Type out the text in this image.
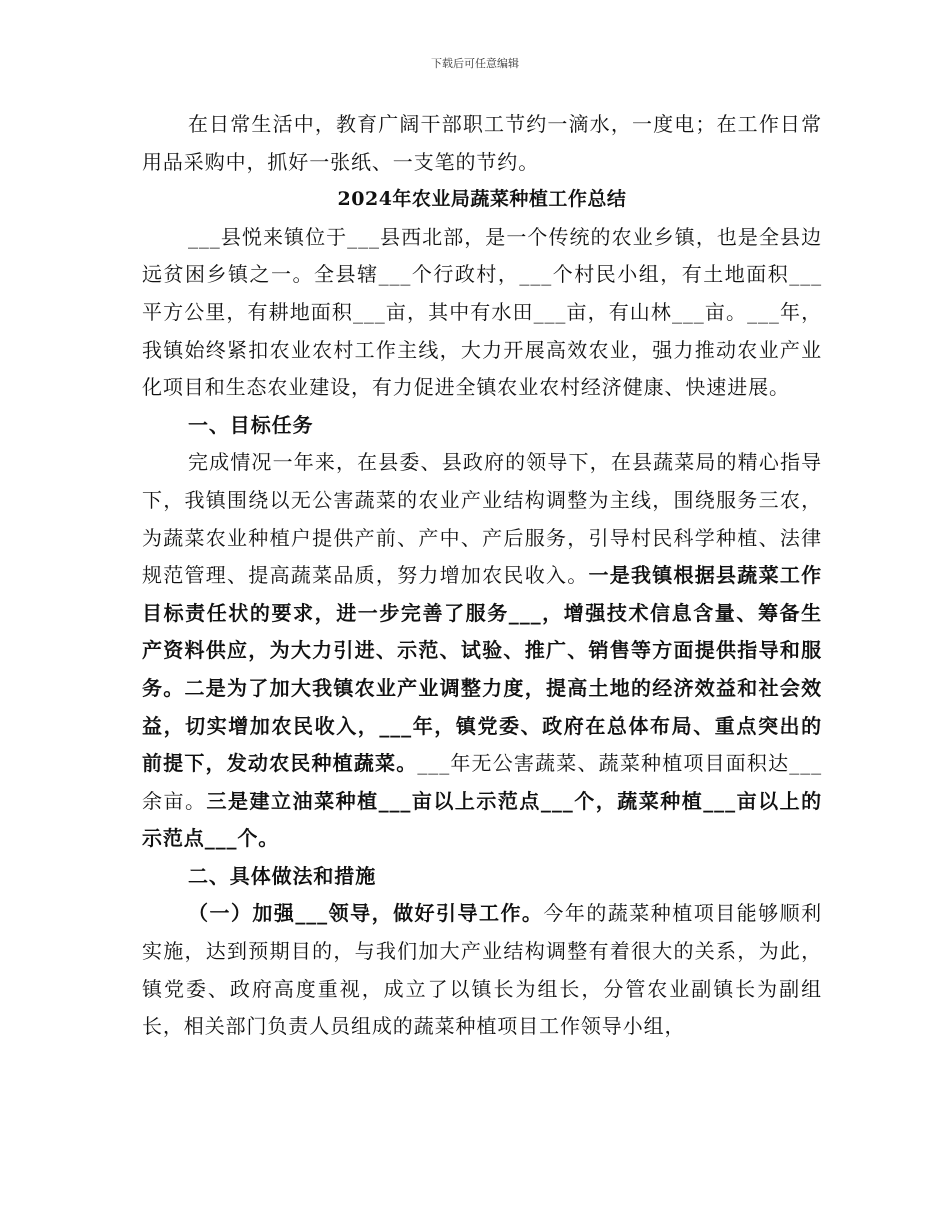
下载后可任意编辑

在日常生活中，教育广阔干部职工节约一滴水，一度电；在工作日常用品采购中，抓好一张纸、一支笔的节约。

2024年农业局蔬菜种植工作总结

___县悦来镇位于___县西北部，是一个传统的农业乡镇，也是全县边远贫困乡镇之一。全县辖___个行政村，___个村民小组，有土地面积___平方公里，有耕地面积___亩，其中有水田___亩，有山林___亩。___年，我镇始终紧扣农业农村工作主线，大力开展高效农业，强力推动农业产业化项目和生态农业建设，有力促进全镇农业农村经济健康、快速进展。

一、目标任务

完成情况一年来，在县委、县政府的领导下，在县蔬菜局的精心指导下，我镇围绕以无公害蔬菜的农业产业结构调整为主线，围绕服务三农，为蔬菜农业种植户提供产前、产中、产后服务，引导村民科学种植、法律规范管理、提高蔬菜品质，努力增加农民收入。一是我镇根据县蔬菜工作目标责任状的要求，进一步完善了服务___，增强技术信息含量、筹备生产资料供应，为大力引进、示范、试验、推广、销售等方面提供指导和服务。二是为了加大我镇农业产业调整力度，提高土地的经济效益和社会效益，切实增加农民收入，___年，镇党委、政府在总体布局、重点突出的前提下，发动农民种植蔬菜。___年无公害蔬菜、蔬菜种植项目面积达___余亩。三是建立油菜种植___亩以上示范点___个，蔬菜种植___亩以上的示范点___个。

二、具体做法和措施

（一）加强___领导，做好引导工作。今年的蔬菜种植项目能够顺利实施，达到预期目的，与我们加大产业结构调整有着很大的关系，为此，镇党委、政府高度重视，成立了以镇长为组长，分管农业副镇长为副组长，相关部门负责人员组成的蔬菜种植项目工作领导小组，
